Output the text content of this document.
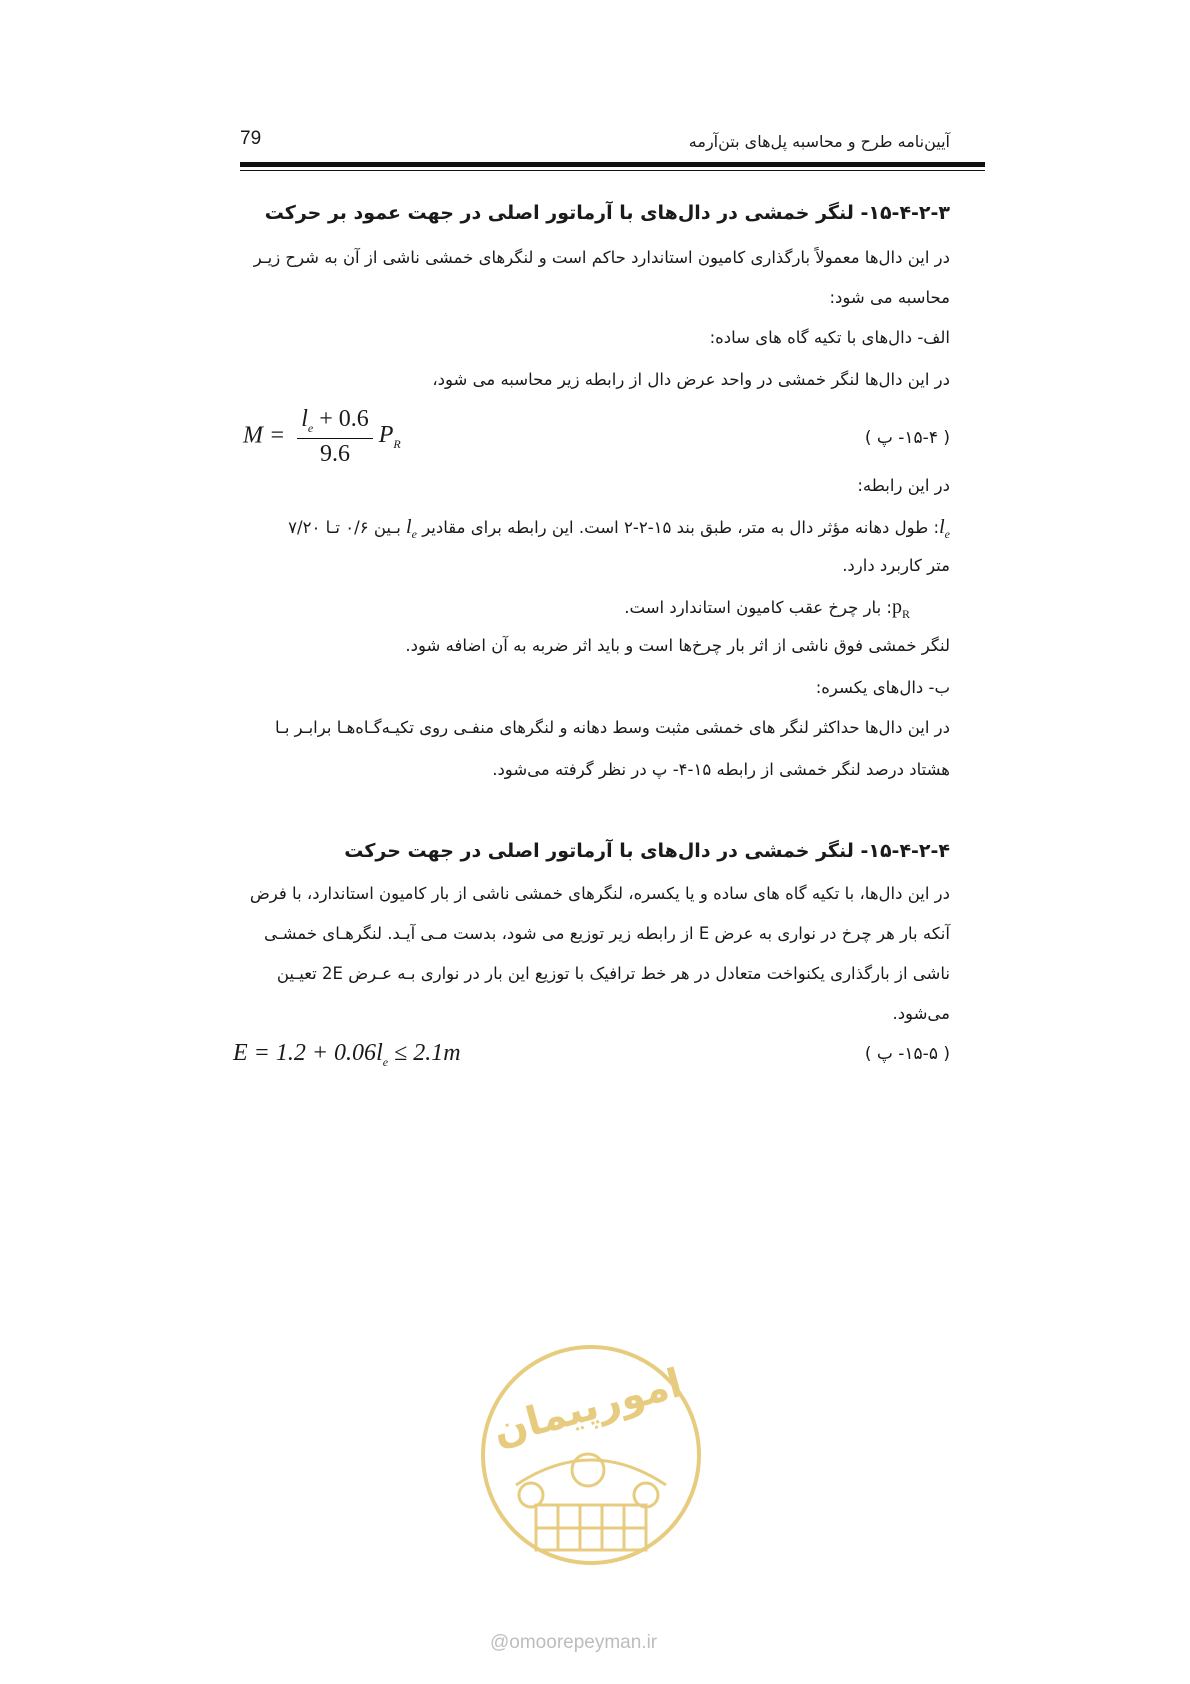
79	آیین‌نامه طرح و محاسبه پل‌های بتن‌آرمه
۱۵-۴-۲-۳- لنگر خمشی در دال‌های با آرماتور اصلی در جهت عمود بر حرکت
در این دال‌ها معمولاً بارگذاری کامیون استاندارد حاکم است و لنگرهای خمشی ناشی از آن به شرح زیـر
محاسبه می شود:
الف- دال‌های با تکیه گاه های ساده:
در این دال‌ها لنگر خمشی در واحد عرض دال از رابطه زیر محاسبه می شود،
$M = \frac{l_e + 0.6}{9.6} P_R$	( ۱۵-۴- پ )
در این رابطه:
$l_e$: طول دهانه مؤثر دال به متر، طبق بند ۱۵-۲-۲ است. این رابطه برای مقادیر $l_e$ بـین ۰/۶ تـا ۷/۲۰
متر کاربرد دارد.
$p_R$: بار چرخ عقب کامیون استاندارد است.
لنگر خمشی فوق ناشی از اثر بار چرخ‌ها است و باید اثر ضربه به آن اضافه شود.
ب- دال‌های یکسره:
در این دال‌ها حداکثر لنگر های خمشی مثبت وسط دهانه و لنگرهای منفـی روی تکیـه‌گـاه‌هـا برابـر بـا
هشتاد درصد لنگر خمشی از رابطه ۱۵-۴- پ در نظر گرفته می‌شود.
۱۵-۴-۲-۴- لنگر خمشی در دال‌های با آرماتور اصلی در جهت حرکت
در این دال‌ها، با تکیه گاه های ساده و یا یکسره، لنگرهای خمشی ناشی از بار کامیون استاندارد، با فرض
آنکه بار هر چرخ در نواری به عرض E از رابطه زیر توزیع می شود، بدست مـی آیـد. لنگرهـای خمشـی
ناشی از بارگذاری یکنواخت متعادل در هر خط ترافیک با توزیع این بار در نواری بـه عـرض 2E تعیـین
می‌شود.
$E = 1.2 + 0.06l_e \le 2.1m$	( ۱۵-۵- پ )
امورپیمان
@omoorepeyman.ir
